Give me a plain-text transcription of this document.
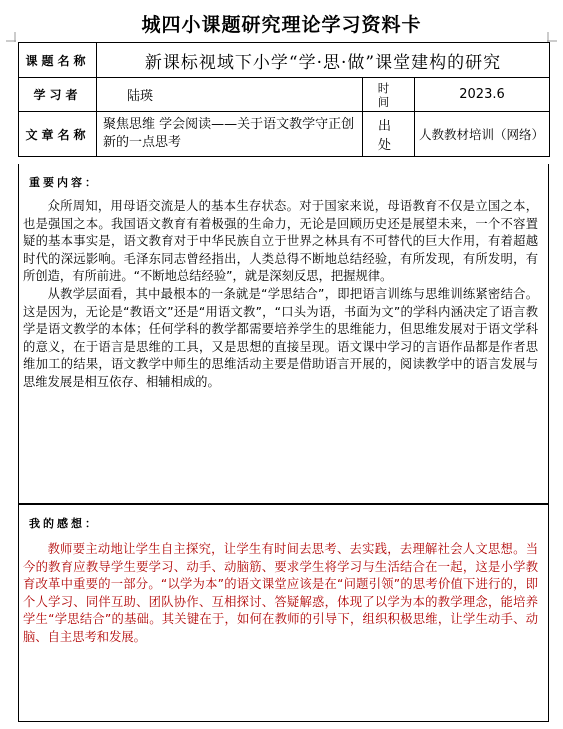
城四小课题研究理论学习资料卡
课题名称	新课标视域下小学“学·思·做”课堂建构的研究		
学习者	陆瑛	时间	2023.6
文章名称	聚焦思维 学会阅读——关于语文教学守正创新的一点思考	出处	人教教材培训（网络）
重要内容：

众所周知，用母语交流是人的基本生存状态。对于国家来说，母语教育不仅是立国之本，也是强国之本。我国语文教育有着极强的生命力，无论是回顾历史还是展望未来，一个不容置疑的基本事实是，语文教育对于中华民族自立于世界之林具有不可替代的巨大作用，有着超越时代的深远影响。毛泽东同志曾经指出，人类总得不断地总结经验，有所发现，有所发明，有所创造，有所前进。“不断地总结经验”，就是深刻反思，把握规律。

从教学层面看，其中最根本的一条就是“学思结合”，即把语言训练与思维训练紧密结合。这是因为，无论是“教语文”还是“用语文教”，“口头为语，书面为文”的学科内涵决定了语言教学是语文教学的本体；任何学科的教学都需要培养学生的思维能力，但思维发展对于语文学科的意义，在于语言是思维的工具，又是思想的直接呈现。语文课中学习的言语作品都是作者思维加工的结果，语文教学中师生的思维活动主要是借助语言开展的，阅读教学中的语言发展与思维发展是相互依存、相辅相成的。

我的感想：

教师要主动地让学生自主探究，让学生有时间去思考、去实践，去理解社会人文思想。当今的教育应教导学生要学习、动手、动脑筋、要求学生将学习与生活结合在一起，这是小学教育改革中重要的一部分。“以学为本”的语文课堂应该是在“问题引领”的思考价值下进行的，即个人学习、同伴互助、团队协作、互相探讨、答疑解惑，体现了以学为本的教学理念，能培养学生“学思结合”的基础。其关键在于，如何在教师的引导下，组织积极思维，让学生动手、动脑、自主思考和发展。
